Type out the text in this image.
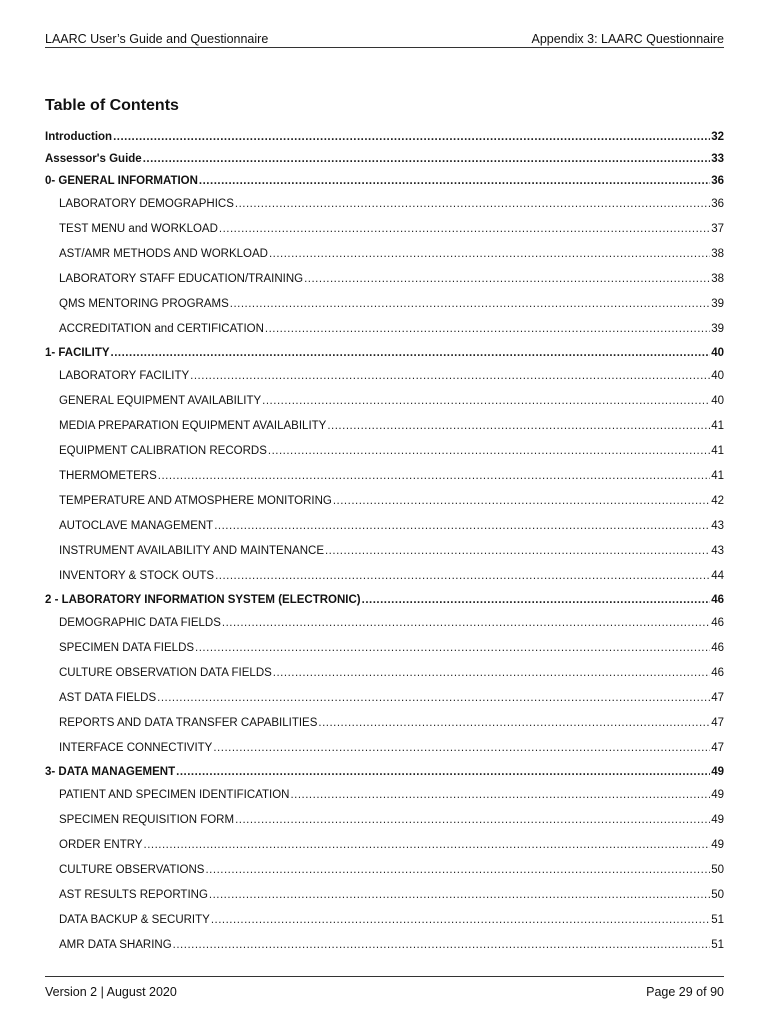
LAARC User’s Guide and Questionnaire	Appendix 3: LAARC Questionnaire
Table of Contents
Introduction .....	32
Assessor's Guide .....	33
0- GENERAL INFORMATION .....	36
LABORATORY DEMOGRAPHICS .....	36
TEST MENU and WORKLOAD .....	37
AST/AMR METHODS AND WORKLOAD .....	38
LABORATORY STAFF EDUCATION/TRAINING .....	38
QMS MENTORING PROGRAMS .....	39
ACCREDITATION and CERTIFICATION .....	39
1- FACILITY .....	40
LABORATORY FACILITY .....	40
GENERAL EQUIPMENT AVAILABILITY .....	40
MEDIA PREPARATION EQUIPMENT AVAILABILITY .....	41
EQUIPMENT CALIBRATION RECORDS .....	41
THERMOMETERS .....	41
TEMPERATURE AND ATMOSPHERE MONITORING .....	42
AUTOCLAVE MANAGEMENT .....	43
INSTRUMENT AVAILABILITY AND MAINTENANCE .....	43
INVENTORY & STOCK OUTS .....	44
2 - LABORATORY INFORMATION SYSTEM (ELECTRONIC) .....	46
DEMOGRAPHIC DATA FIELDS .....	46
SPECIMEN DATA FIELDS .....	46
CULTURE OBSERVATION DATA FIELDS .....	46
AST DATA FIELDS .....	47
REPORTS AND DATA TRANSFER CAPABILITIES .....	47
INTERFACE CONNECTIVITY .....	47
3- DATA MANAGEMENT .....	49
PATIENT AND SPECIMEN IDENTIFICATION .....	49
SPECIMEN REQUISITION FORM .....	49
ORDER ENTRY .....	49
CULTURE OBSERVATIONS .....	50
AST RESULTS REPORTING .....	50
DATA BACKUP & SECURITY .....	51
AMR DATA SHARING .....	51
Version 2 | August 2020	Page 29 of 90
